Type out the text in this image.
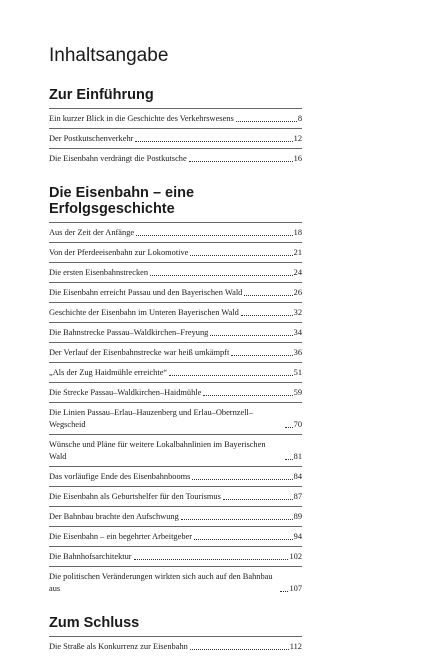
Inhaltsangabe
Zur Einführung
Ein kurzer Blick in die Geschichte des Verkehrswesens	8
Der Postkutschenverkehr	12
Die Eisenbahn verdrängt die Postkutsche	16
Die Eisenbahn – eine Erfolgsgeschichte
Aus der Zeit der Anfänge	18
Von der Pferdeeisenbahn zur Lokomotive	21
Die ersten Eisenbahnstrecken	24
Die Eisenbahn erreicht Passau und den Bayerischen Wald	26
Geschichte der Eisenbahn im Unteren Bayerischen Wald	32
Die Bahnstrecke Passau–Waldkirchen–Freyung	34
Der Verlauf der Eisenbahnstrecke war heiß umkämpft	36
„Als der Zug Haidmühle erreichte“	51
Die Strecke Passau–Waldkirchen–Haidmühle	59
Die Linien Passau–Erlau–Hauzenberg und Erlau–Obernzell–Wegscheid	70
Wünsche und Pläne für weitere Lokalbahnlinien im Bayerischen Wald	81
Das vorläufige Ende des Eisenbahnbooms	84
Die Eisenbahn als Geburtshelfer für den Tourismus	87
Der Bahnbau brachte den Aufschwung	89
Die Eisenbahn – ein begehrter Arbeitgeber	94
Die Bahnhofsarchitektur	102
Die politischen Veränderungen wirkten sich auch auf den Bahnbau aus	107
Zum Schluss
Die Straße als Konkurrenz zur Eisenbahn	112
